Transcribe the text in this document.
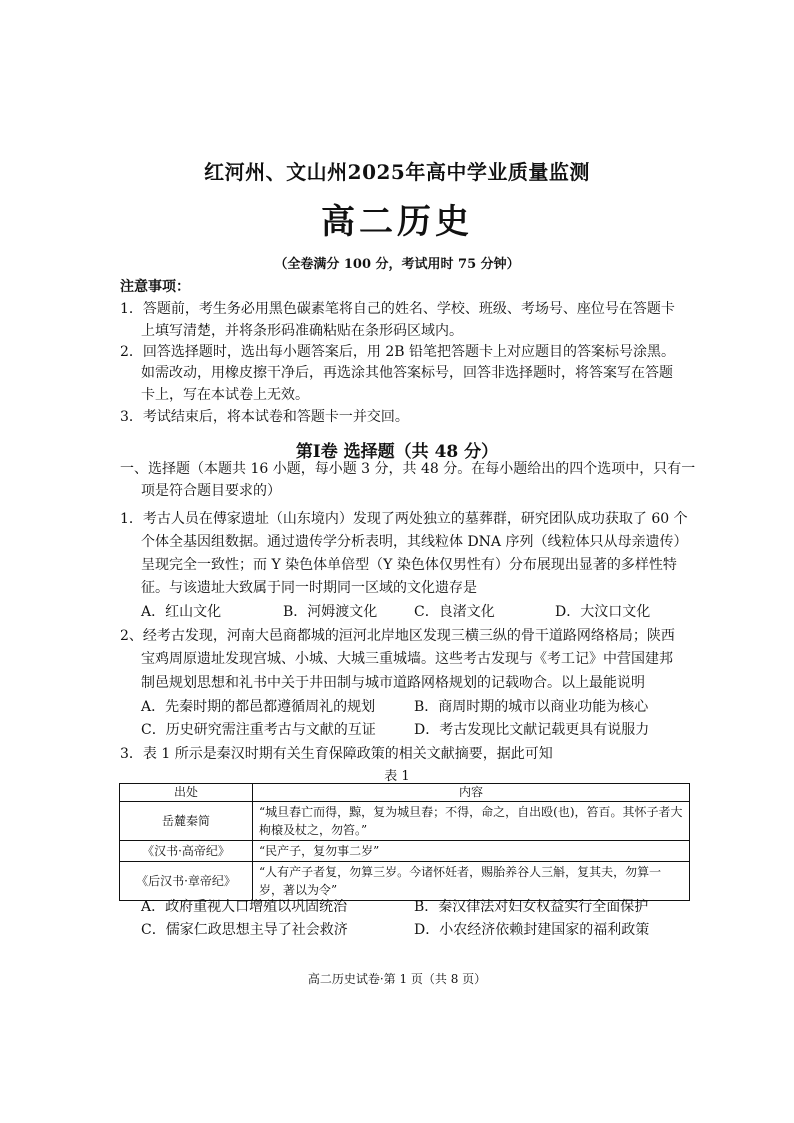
红河州、文山州2025年高中学业质量监测
高二历史
（全卷满分 100 分，考试用时 75 分钟）
注意事项：
1．答题前，考生务必用黑色碳素笔将自己的姓名、学校、班级、考场号、座位号在答题卡
上填写清楚，并将条形码准确粘贴在条形码区域内。
2．回答选择题时，选出每小题答案后，用 2B 铅笔把答题卡上对应题目的答案标号涂黑。
如需改动，用橡皮擦干净后，再选涂其他答案标号，回答非选择题时，将答案写在答题
卡上，写在本试卷上无效。
3．考试结束后，将本试卷和答题卡一并交回。
第Ⅰ卷 选择题（共 48 分）
一、选择题（本题共 16 小题，每小题 3 分，共 48 分。在每小题给出的四个选项中，只有一
项是符合题目要求的）
1．考古人员在傅家遗址（山东境内）发现了两处独立的墓葬群，研究团队成功获取了 60 个
个体全基因组数据。通过遗传学分析表明，其线粒体 DNA 序列（线粒体只从母亲遗传）
呈现完全一致性；而 Y 染色体单倍型（Y 染色体仅男性有）分布展现出显著的多样性特
征。与该遗址大致属于同一时期同一区域的文化遗存是
A．红山文化	B．河姆渡文化	C．良渚文化	D．大汶口文化
2、经考古发现，河南大邑商都城的洹河北岸地区发现三横三纵的骨干道路网络格局；陕西
宝鸡周原遗址发现宫城、小城、大城三重城墙。这些考古发现与《考工记》中营国建邦
制邑规划思想和礼书中关于井田制与城市道路网格规划的记载吻合。以上最能说明
A．先秦时期的都邑都遵循周礼的规划	B．商周时期的城市以商业功能为核心
C．历史研究需注重考古与文献的互证	D．考古发现比文献记载更具有说服力
3．表 1 所示是秦汉时期有关生育保障政策的相关文献摘要，据此可知
表 1
出处	内容
岳麓秦简	“城旦舂亡而得，黥，复为城旦舂；不得，命之，自出殴(也)，笞百。其怀子者大枸榱及杖之，勿笞。”
《汉书·高帝纪》	“民产子，复勿事二岁”
《后汉书·章帝纪》	“人有产子者复，勿算三岁。今诸怀妊者，赐胎养谷人三斛，复其夫，勿算一岁，著以为令”
A．政府重视人口增殖以巩固统治	B．秦汉律法对妇女权益实行全面保护
C．儒家仁政思想主导了社会救济	D．小农经济依赖封建国家的福利政策
高二历史试卷·第 1 页（共 8 页）
